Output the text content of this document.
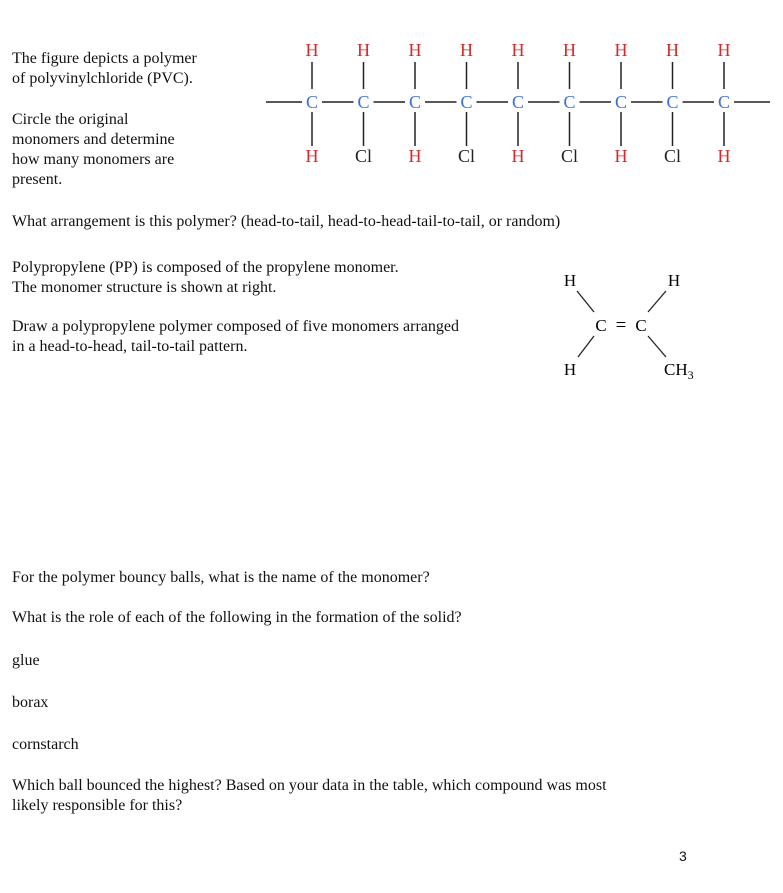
The figure depicts a polymer
of polyvinylchloride (PVC).

Circle the original
monomers and determine
how many monomers are
present.

H
C
H
H
C
Cl
H
C
H
H
C
Cl
H
C
H
H
C
Cl
H
C
H
H
C
Cl
H
C
H

What arrangement is this polymer? (head-to-tail, head-to-head-tail-to-tail, or random)

Polypropylene (PP) is composed of the propylene monomer.
The monomer structure is shown at right.

Draw a polypropylene polymer composed of five monomers arranged
in a head-to-head, tail-to-tail pattern.

H	H
C = C
H	$CH_3$

For the polymer bouncy balls, what is the name of the monomer?

What is the role of each of the following in the formation of the solid?

glue

borax

cornstarch

Which ball bounced the highest? Based on your data in the table, which compound was most
likely responsible for this?

3
